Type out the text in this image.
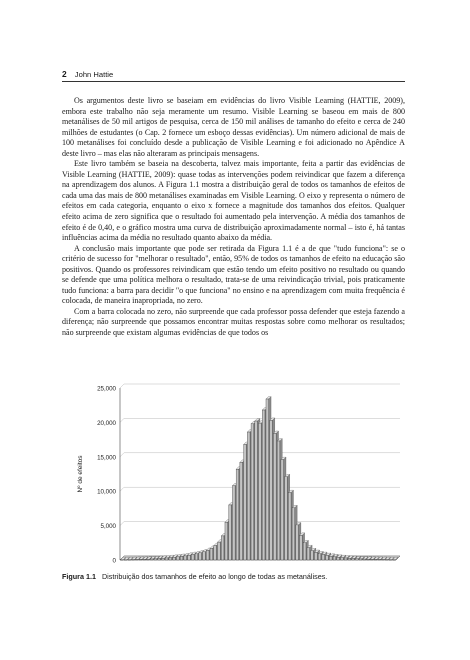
2 John Hattie

Os argumentos deste livro se baseiam em evidências do livro Visible Learning (HATTIE, 2009), embora este trabalho não seja meramente um resumo. Visible Learning se baseou em mais de 800 metanálises de 50 mil artigos de pesquisa, cerca de 150 mil análises de tamanho do efeito e cerca de 240 milhões de estudantes (o Cap. 2 fornece um esboço dessas evidências). Um número adicional de mais de 100 metanálises foi concluído desde a publicação de Visible Learning e foi adicionado no Apêndice A deste livro – mas elas não alteraram as principais mensagens.

Este livro também se baseia na descoberta, talvez mais importante, feita a partir das evidências de Visible Learning (HATTIE, 2009): quase todas as intervenções podem reivindicar que fazem a diferença na aprendizagem dos alunos. A Figura 1.1 mostra a distribuição geral de todos os tamanhos de efeitos de cada uma das mais de 800 metanálises examinadas em Visible Learning. O eixo y representa o número de efeitos em cada categoria, enquanto o eixo x fornece a magnitude dos tamanhos dos efeitos. Qualquer efeito acima de zero significa que o resultado foi aumentado pela intervenção. A média dos tamanhos de efeito é de 0,40, e o gráfico mostra uma curva de distribuição aproximadamente normal – isto é, há tantas influências acima da média no resultado quanto abaixo da média.

A conclusão mais importante que pode ser retirada da Figura 1.1 é a de que "tudo funciona": se o critério de sucesso for "melhorar o resultado", então, 95% de todos os tamanhos de efeito na educação são positivos. Quando os professores reivindicam que estão tendo um efeito positivo no resultado ou quando se defende que uma política melhora o resultado, trata-se de uma reivindicação trivial, pois praticamente tudo funciona: a barra para decidir "o que funciona" no ensino e na aprendizagem com muita frequência é colocada, de maneira inapropriada, no zero.

Com a barra colocada no zero, não surpreende que cada professor possa defender que esteja fazendo a diferença; não surpreende que possamos encontrar muitas respostas sobre como melhorar os resultados; não surpreende que existam algumas evidências de que todos os

0
5,000
10,000
15,000
20,000
25,000
Nº de efeitos
Figura 1.1 Distribuição dos tamanhos de efeito ao longo de todas as metanálises.
